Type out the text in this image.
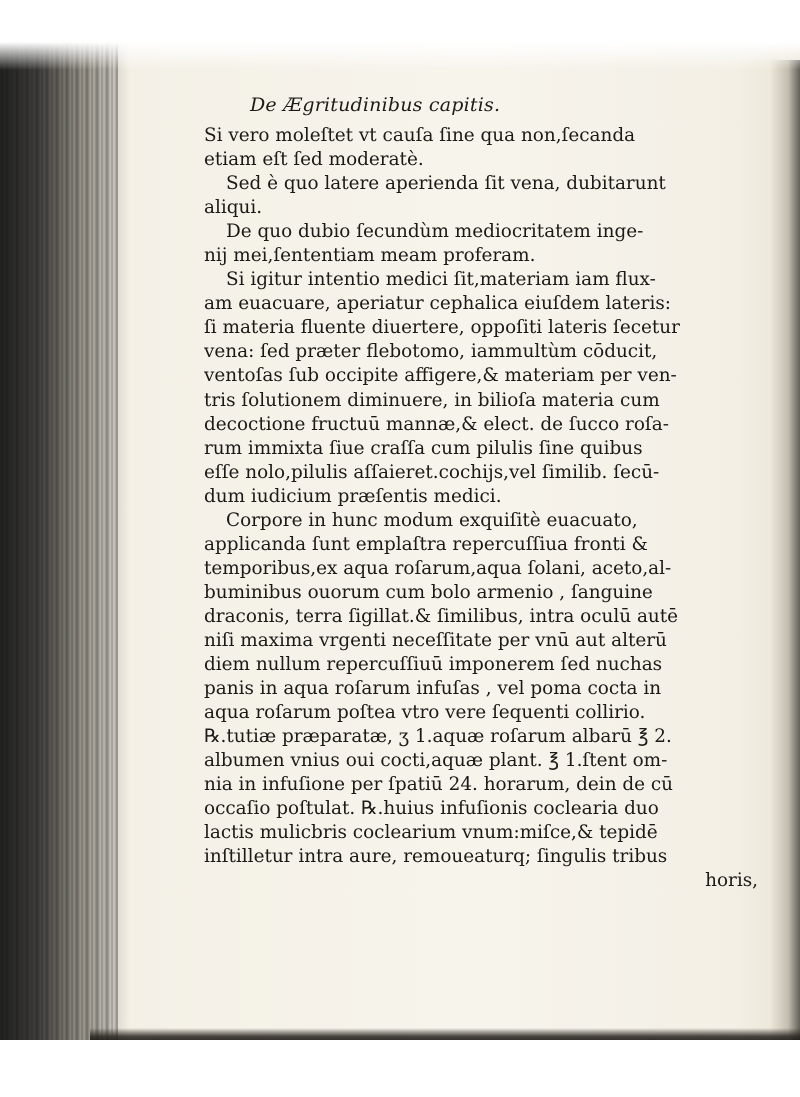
De Ægritudinibus capitis.
Si vero moleſtet vt cauſa ſine qua non,ſecanda
etiam eſt ſed moderatè.
Sed è quo latere aperienda ſit vena, dubitarunt
aliqui.
De quo dubio ſecundùm mediocritatem inge-
nij mei,ſententiam meam proferam.
Si igitur intentio medici ſit,materiam iam flux-
am euacuare, aperiatur cephalica eiuſdem lateris:
ſi materia fluente diuertere, oppoſiti lateris ſecetur
vena: ſed præter flebotomo, iammultùm cōducit,
ventoſas ſub occipite affigere,& materiam per ven-
tris ſolutionem diminuere, in bilioſa materia cum
decoctione fructuū mannæ,& elect. de ſucco roſa-
rum immixta ſiue craſſa cum pilulis ſine quibus
eſſe nolo,pilulis aſſaieret.cochijs,vel ſimilib. ſecū-
dum iudicium præſentis medici.
Corpore in hunc modum exquiſitè euacuato,
applicanda ſunt emplaſtra repercuſſiua fronti &
temporibus,ex aqua roſarum,aqua ſolani, aceto,al-
buminibus ouorum cum bolo armenio , ſanguine
draconis, terra ſigillat.& ſimilibus, intra oculū autē
niſi maxima vrgenti neceſſitate per vnū aut alterū
diem nullum repercuſſiuū imponerem ſed nuchas
panis in aqua roſarum infuſas , vel poma cocta in
aqua roſarum poſtea vtro vere ſequenti collirio.
℞.tutiæ præparatæ, ʒ 1.aquæ roſarum albarū ℥ 2.
albumen vnius oui cocti,aquæ plant. ℥ 1.ſtent om-
nia in infuſione per ſpatiū 24. horarum, dein de cū
occaſio poſtulat. ℞.huius infuſionis coclearia duo
lactis mulicbris coclearium vnum:miſce,& tepidē
inſtilletur intra aure, remoueaturq; ſingulis tribus
horis,
